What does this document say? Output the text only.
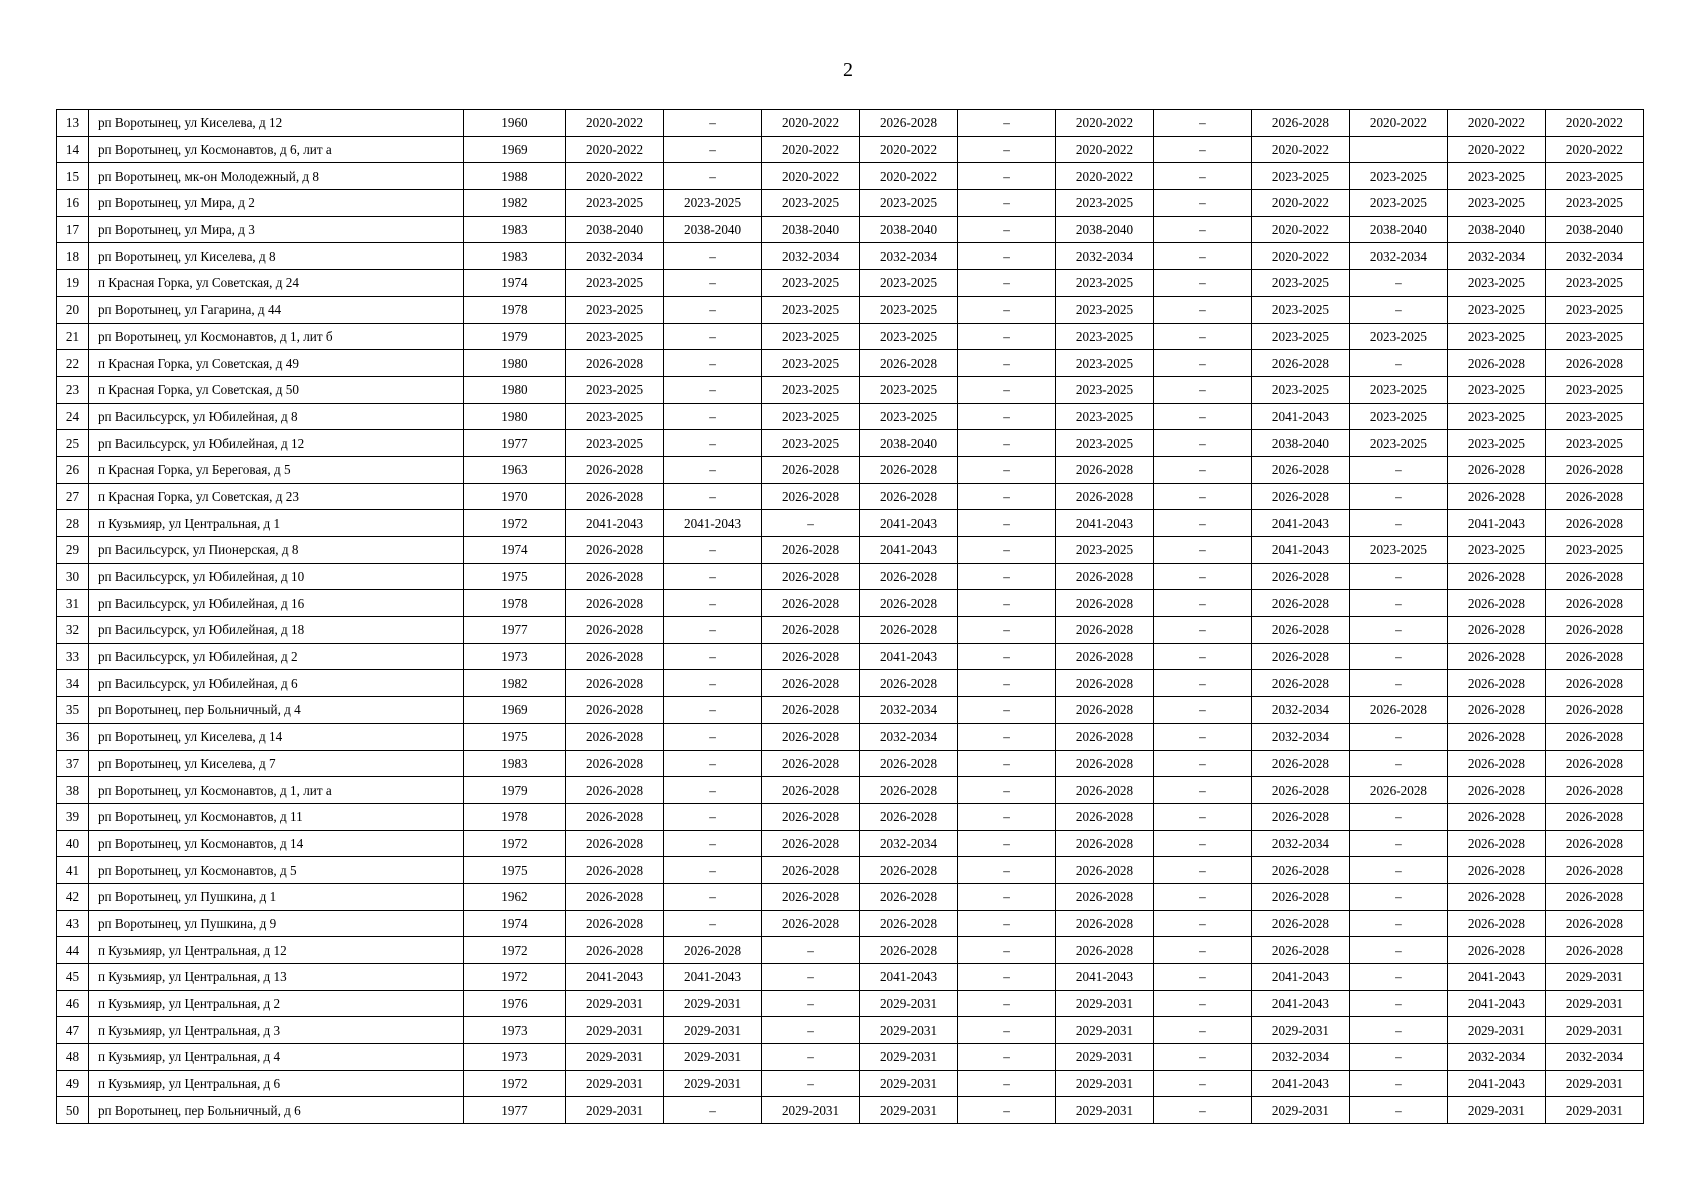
2
13	рп Воротынец, ул Киселева, д 12	1960	2020-2022	–	2020-2022	2026-2028	–	2020-2022	–	2026-2028	2020-2022	2020-2022	2020-2022
14	рп Воротынец, ул Космонавтов, д 6, лит а	1969	2020-2022	–	2020-2022	2020-2022	–	2020-2022	–	2020-2022		2020-2022	2020-2022
15	рп Воротынец, мк-он Молодежный, д 8	1988	2020-2022	–	2020-2022	2020-2022	–	2020-2022	–	2023-2025	2023-2025	2023-2025	2023-2025
16	рп Воротынец, ул Мира, д 2	1982	2023-2025	2023-2025	2023-2025	2023-2025	–	2023-2025	–	2020-2022	2023-2025	2023-2025	2023-2025
17	рп Воротынец, ул Мира, д 3	1983	2038-2040	2038-2040	2038-2040	2038-2040	–	2038-2040	–	2020-2022	2038-2040	2038-2040	2038-2040
18	рп Воротынец, ул Киселева, д 8	1983	2032-2034	–	2032-2034	2032-2034	–	2032-2034	–	2020-2022	2032-2034	2032-2034	2032-2034
19	п Красная Горка, ул Советская, д 24	1974	2023-2025	–	2023-2025	2023-2025	–	2023-2025	–	2023-2025	–	2023-2025	2023-2025
20	рп Воротынец, ул Гагарина, д 44	1978	2023-2025	–	2023-2025	2023-2025	–	2023-2025	–	2023-2025	–	2023-2025	2023-2025
21	рп Воротынец, ул Космонавтов, д 1, лит б	1979	2023-2025	–	2023-2025	2023-2025	–	2023-2025	–	2023-2025	2023-2025	2023-2025	2023-2025
22	п Красная Горка, ул Советская, д 49	1980	2026-2028	–	2023-2025	2026-2028	–	2023-2025	–	2026-2028	–	2026-2028	2026-2028
23	п Красная Горка, ул Советская, д 50	1980	2023-2025	–	2023-2025	2023-2025	–	2023-2025	–	2023-2025	2023-2025	2023-2025	2023-2025
24	рп Васильсурск, ул Юбилейная, д 8	1980	2023-2025	–	2023-2025	2023-2025	–	2023-2025	–	2041-2043	2023-2025	2023-2025	2023-2025
25	рп Васильсурск, ул Юбилейная, д 12	1977	2023-2025	–	2023-2025	2038-2040	–	2023-2025	–	2038-2040	2023-2025	2023-2025	2023-2025
26	п Красная Горка, ул Береговая, д 5	1963	2026-2028	–	2026-2028	2026-2028	–	2026-2028	–	2026-2028	–	2026-2028	2026-2028
27	п Красная Горка, ул Советская, д 23	1970	2026-2028	–	2026-2028	2026-2028	–	2026-2028	–	2026-2028	–	2026-2028	2026-2028
28	п Кузьмияр, ул Центральная, д 1	1972	2041-2043	2041-2043	–	2041-2043	–	2041-2043	–	2041-2043	–	2041-2043	2026-2028
29	рп Васильсурск, ул Пионерская, д 8	1974	2026-2028	–	2026-2028	2041-2043	–	2023-2025	–	2041-2043	2023-2025	2023-2025	2023-2025
30	рп Васильсурск, ул Юбилейная, д 10	1975	2026-2028	–	2026-2028	2026-2028	–	2026-2028	–	2026-2028	–	2026-2028	2026-2028
31	рп Васильсурск, ул Юбилейная, д 16	1978	2026-2028	–	2026-2028	2026-2028	–	2026-2028	–	2026-2028	–	2026-2028	2026-2028
32	рп Васильсурск, ул Юбилейная, д 18	1977	2026-2028	–	2026-2028	2026-2028	–	2026-2028	–	2026-2028	–	2026-2028	2026-2028
33	рп Васильсурск, ул Юбилейная, д 2	1973	2026-2028	–	2026-2028	2041-2043	–	2026-2028	–	2026-2028	–	2026-2028	2026-2028
34	рп Васильсурск, ул Юбилейная, д 6	1982	2026-2028	–	2026-2028	2026-2028	–	2026-2028	–	2026-2028	–	2026-2028	2026-2028
35	рп Воротынец, пер Больничный, д 4	1969	2026-2028	–	2026-2028	2032-2034	–	2026-2028	–	2032-2034	2026-2028	2026-2028	2026-2028
36	рп Воротынец, ул Киселева, д 14	1975	2026-2028	–	2026-2028	2032-2034	–	2026-2028	–	2032-2034	–	2026-2028	2026-2028
37	рп Воротынец, ул Киселева, д 7	1983	2026-2028	–	2026-2028	2026-2028	–	2026-2028	–	2026-2028	–	2026-2028	2026-2028
38	рп Воротынец, ул Космонавтов, д 1, лит а	1979	2026-2028	–	2026-2028	2026-2028	–	2026-2028	–	2026-2028	2026-2028	2026-2028	2026-2028
39	рп Воротынец, ул Космонавтов, д 11	1978	2026-2028	–	2026-2028	2026-2028	–	2026-2028	–	2026-2028	–	2026-2028	2026-2028
40	рп Воротынец, ул Космонавтов, д 14	1972	2026-2028	–	2026-2028	2032-2034	–	2026-2028	–	2032-2034	–	2026-2028	2026-2028
41	рп Воротынец, ул Космонавтов, д 5	1975	2026-2028	–	2026-2028	2026-2028	–	2026-2028	–	2026-2028	–	2026-2028	2026-2028
42	рп Воротынец, ул Пушкина, д 1	1962	2026-2028	–	2026-2028	2026-2028	–	2026-2028	–	2026-2028	–	2026-2028	2026-2028
43	рп Воротынец, ул Пушкина, д 9	1974	2026-2028	–	2026-2028	2026-2028	–	2026-2028	–	2026-2028	–	2026-2028	2026-2028
44	п Кузьмияр, ул Центральная, д 12	1972	2026-2028	2026-2028	–	2026-2028	–	2026-2028	–	2026-2028	–	2026-2028	2026-2028
45	п Кузьмияр, ул Центральная, д 13	1972	2041-2043	2041-2043	–	2041-2043	–	2041-2043	–	2041-2043	–	2041-2043	2029-2031
46	п Кузьмияр, ул Центральная, д 2	1976	2029-2031	2029-2031	–	2029-2031	–	2029-2031	–	2041-2043	–	2041-2043	2029-2031
47	п Кузьмияр, ул Центральная, д 3	1973	2029-2031	2029-2031	–	2029-2031	–	2029-2031	–	2029-2031	–	2029-2031	2029-2031
48	п Кузьмияр, ул Центральная, д 4	1973	2029-2031	2029-2031	–	2029-2031	–	2029-2031	–	2032-2034	–	2032-2034	2032-2034
49	п Кузьмияр, ул Центральная, д 6	1972	2029-2031	2029-2031	–	2029-2031	–	2029-2031	–	2041-2043	–	2041-2043	2029-2031
50	рп Воротынец, пер Больничный, д 6	1977	2029-2031	–	2029-2031	2029-2031	–	2029-2031	–	2029-2031	–	2029-2031	2029-2031
